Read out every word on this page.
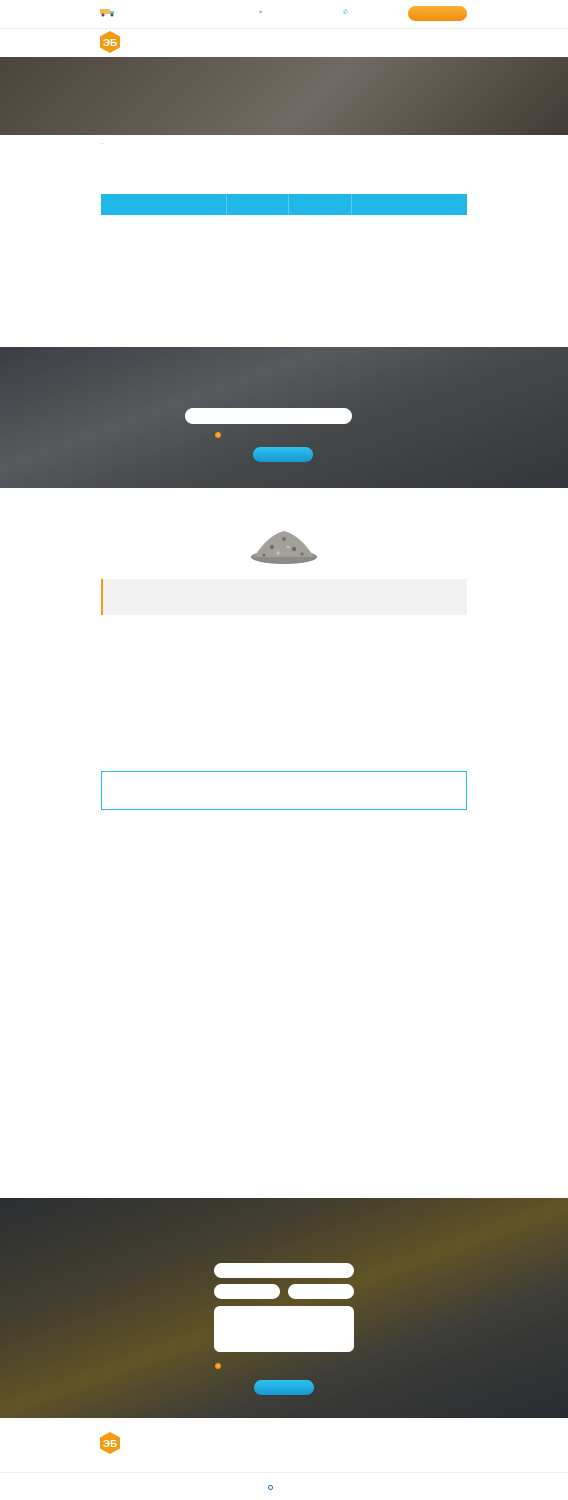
⌖	✆
ЭБ
—

✓
✓
ЭБ
